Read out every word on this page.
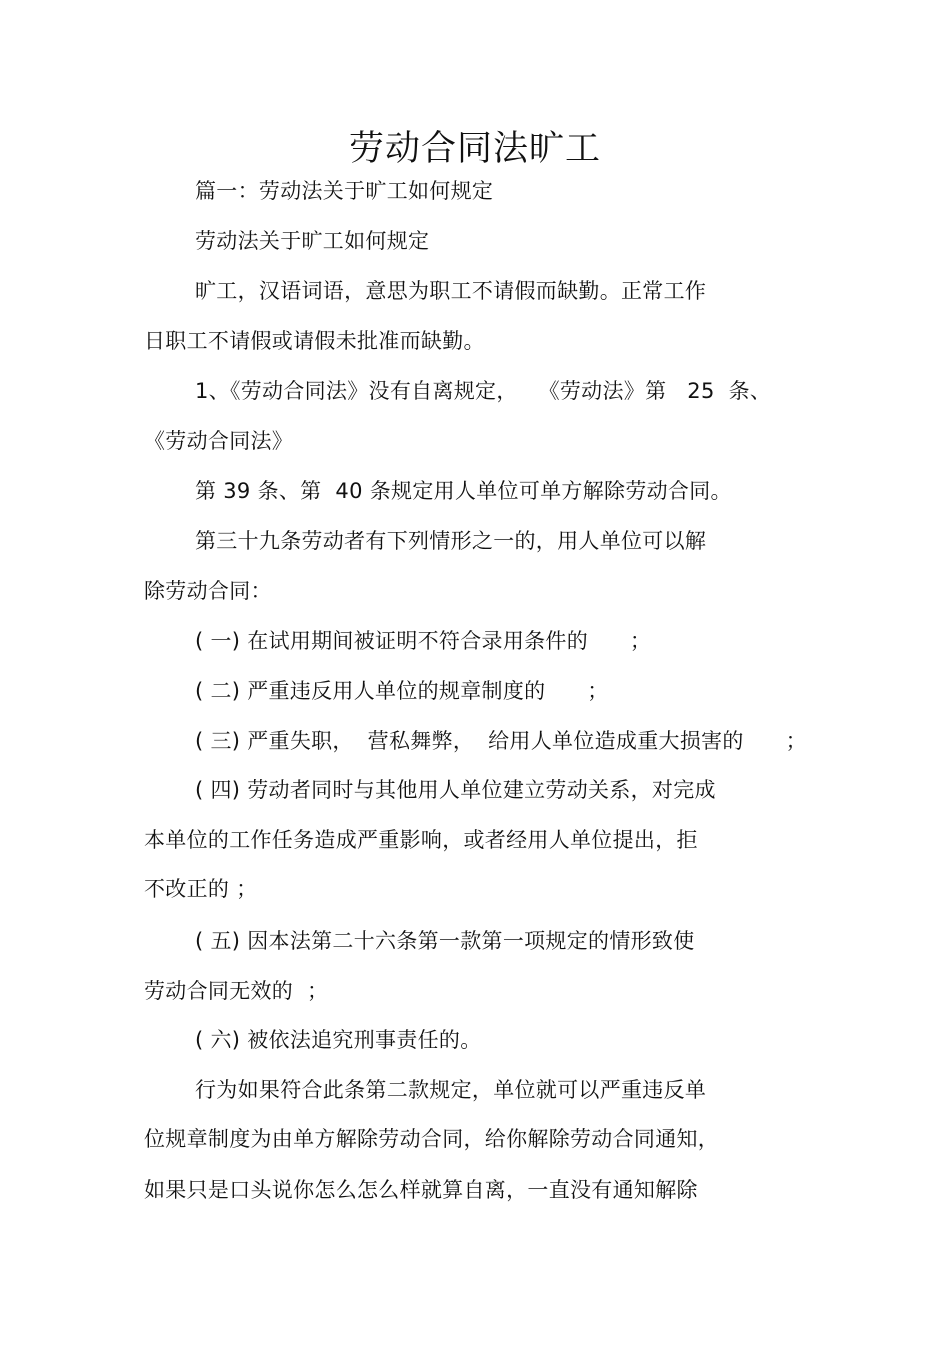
劳动合同法旷工
篇一：劳动法关于旷工如何规定
劳动法关于旷工如何规定
旷工，汉语词语，意思为职工不请假而缺勤。正常工作
日职工不请假或请假未批准而缺勤。
1、《劳动合同法》没有自离规定，   《劳动法》第   25  条、
《劳动合同法》
第 39 条、第  40 条规定用人单位可单方解除劳动合同。
第三十九条劳动者有下列情形之一的，用人单位可以解
除劳动合同：
( 一) 在试用期间被证明不符合录用条件的      ；
( 二) 严重违反用人单位的规章制度的      ；
( 三) 严重失职，  营私舞弊，  给用人单位造成重大损害的      ；
( 四) 劳动者同时与其他用人单位建立劳动关系，对完成
本单位的工作任务造成严重影响，或者经用人单位提出，拒
不改正的 ；
( 五) 因本法第二十六条第一款第一项规定的情形致使
劳动合同无效的  ；
( 六) 被依法追究刑事责任的。
行为如果符合此条第二款规定，单位就可以严重违反单
位规章制度为由单方解除劳动合同，给你解除劳动合同通知，
如果只是口头说你怎么怎么样就算自离，一直没有通知解除
